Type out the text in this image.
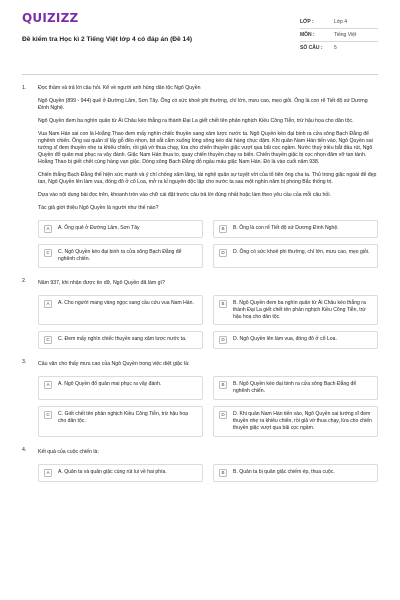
QUIZIZZ
Đề kiểm tra Học kì 2 Tiếng Việt lớp 4 có đáp án (Đề 14)
LỚP :	Lớp 4
MÔN :	Tiếng Việt
SỐ CÂU :	5
1.	Đọc thầm và trả lời câu hỏi. Kể về người anh hùng dân tộc Ngô Quyền

Ngô Quyền (899 - 944) quê ở Đường Lâm, Sơn Tây. Ông có sức khoẻ phi thường, chí lớn, mưu cao, mẹo giỏi. Ông là con rể Tiết độ sứ Dương Đình Nghệ.

Ngô Quyền đem ba nghìn quân từ Ái Châu kéo thẳng ra thành Đại La giết chết tên phản nghịch Kiều Công Tiễn, trừ hậu họa cho dân tộc.

Vua Nam Hán sai con là Hoằng Thao đem mấy nghìn chiếc thuyền sang xâm lược nước ta. Ngô Quyền kéo đại binh ra cửa sông Bạch Đằng để nghênh chiến. Ông sai quân sĩ lấy gỗ đẽo nhọn, bịt sắt cắm xuống lòng sông kéo dài hàng chục dặm. Khi quân Nam Hán tiến vào, Ngô Quyền sai tướng sĩ đem thuyền nhẹ ra khiêu chiến, rồi giả vờ thua chạy, lừa cho chiến thuyền giặc vượt qua bãi cọc ngầm. Nước thuỷ triều bắt đầu rút, Ngô Quyền đổ quân mai phục ra vây đánh. Giặc Nam Hán thua to, quay chiến thuyền chạy ra biển. Chiến thuyền giặc bị cọc nhọn đâm vỡ tan tành. Hoằng Thao bị giết chết cùng hàng vạn giặc. Dòng sông Bạch Đằng đỏ ngầu máu giặc Nam Hán. Đó là vào cuối năm 938.

Chiến thắng Bạch Đằng thể hiện sức mạnh và ý chí chống xâm lăng, tài nghệ quân sự tuyệt vời của tổ tiên ông cha ta. Thủ trong giặc ngoài để đẹp tan, Ngô Quyền lên làm vua, đóng đô ở cổ Loa, mở ra kỉ nguyên độc lập cho nước ta sau một nghìn năm bị phong Bắc thống trị.

Dựa vào nội dung bài đọc trên, khoanh tròn vào chữ cái đặt trước câu trả lời đúng nhất hoặc làm theo yêu cầu của mỗi câu hỏi.

Tác giả giới thiệu Ngô Quyền là người như thế nào?
A	A. Ông quê ở Đường Lâm, Sơn Tây	B	B. Ông là con rể Tiết độ sứ Dương Đình Nghệ.
C	C. Ngô Quyền kéo đại binh ra cửa sông Bạch Đằng để nghênh chiến.
D	D. Ông có sức khoẻ phi thường, chí lớn, mưu cao, mẹo giỏi.
2.	Năm 937, khi nhận được tin dữ, Ngô Quyền đã làm gì?
A	A. Cho người mang vàng ngọc sang cầu cứu vua Nam Hán.	B	B. Ngô Quyền đem ba nghìn quân từ Ái Châu kéo thẳng ra thành Đại La giết chết tên phản nghịch Kiều Công Tiễn, trừ hậu hoạ cho dân tộc.
C	C. Đem mấy nghìn chiếc thuyền sang xâm lược nước ta.	D	D. Ngô Quyền lên làm vua, đóng đô ở cổ Loa.
3.	Câu văn cho thấy mưu cao của Ngô Quyền trong việc diệt giặc là:
A	A. Ngô Quyền đổ quân mai phục ra vây đánh.	B	B. Ngô Quyền kéo đại binh ra cửa sông Bạch Đằng để nghênh chiến.
C	C. Giết chết tên phản nghịch Kiều Công Tiễn, trừ hậu hoạ cho dân tộc.
D	D. Khi quân Nam Hán tiến vào, Ngô Quyền sai tướng sĩ đem thuyền nhẹ ra khiêu chiến, rồi giả vờ thua chạy, lừa cho chiến thuyền giặc vượt qua bãi cọc ngầm.
4.	Kết quả của cuộc chiến là:
A	A. Quân ta và quân giặc cùng rút lui về hai phía.	B	B. Quân ta bị quân giặc chiếm ép, thua cuộc.
